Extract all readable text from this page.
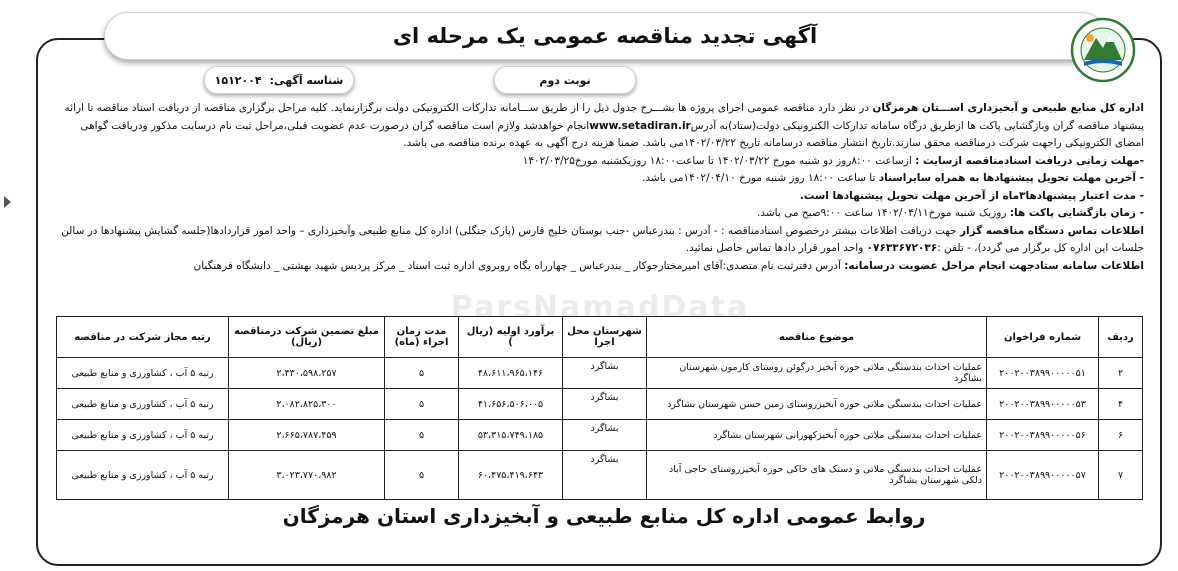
آگهی تجدید مناقصه عمومی یک مرحله ای
نوبت دوم
شناسه آگهی:
۱۵۱۲۰۰۴

اداره کل منابع طبیعی و آبخیزداری اســـتان هرمزگان در نظر دارد مناقصه عمومی اجرای پروژه ها بشـــرح جدول ذیل را از طریق ســـامانه تدارکات الکترونیکی دولت برگزارنماید. کلیه مراحل برگزاری مناقصه از دریافت اسناد مناقصه تا ارائه پیشنهاد مناقصه گران وبازگشایی پاکت ها ازطریق درگاه سامانه تدارکات الکترونیکی دولت(ستاد)به آدرسwww.setadiran.irانجام خواهدشد ولازم است مناقصه گران درصورت عدم عضویت قبلی،مراحل ثبت نام درسایت مذکور ودریافت گواهی امضای الکترونیکی راجهت شرکت درمناقصه محقق سازند.تاریخ انتشار مناقصه درسامانه تاریخ ۱۴۰۲/۰۳/۲۲می باشد. ضمنا هزینه درج آگهی به عهده برنده مناقصه می باشد.

-مهلت زمانی دریافت اسنادمناقصه ازسایت : ازساعت ۸:۰۰روز دو شنبه مورخ ۱۴۰۲/۰۳/۲۲ تا ساعت۱۸:۰۰ روزیکشنبه مورخ۱۴۰۲/۰۳/۲۵

- آخرین مهلت تحویل پیشنهادها به همراه سایراسناد تا ساعت ۱۸:۰۰ روز شنبه مورخ ۱۴۰۲/۰۴/۱۰می باشد.

- مدت اعتبار پیشنهادها۳ماه از آخرین مهلت تحویل پیشنهادها است.

- زمان بازگشایی پاکت ها: روزیک شنبه مورخ۱۴۰۲/۰۴/۱۱ ساعت ۹:۰۰صبح می باشد.

اطلاعات تماس دستگاه مناقصه گزار جهت دریافت اطلاعات بیشتر درخصوص اسنادمناقصه : - آدرس : بندرعباس -جنب بوستان خلیج فارس (پارک جنگلی) اداره کل منابع طبیعی وآبخیزداری – واحد امور قراردادها(جلسه گشایش پیشنهادها در سالن جلسات این اداره کل برگزار می گردد)، - تلفن :۰۷۶۳۳۶۷۲۰۳۶ واحد امور قرار دادها تماس حاصل نمائید.

اطلاعات سامانه ستادجهت انجام مراحل عضویت درسامانه: آدرس دفترثبت نام متصدی:آقای امیرمختارجوکار _ بندرعباس _ چهارراه یگاه روبروی اداره ثبت اسناد _ مرکز پردیس شهید بهشتی _ دانشگاه فرهنگیان

ParsNamadData
ردیف	شماره فراخوان	موضوع مناقصه	شهرستان محل اجرا	برآورد اولیه (ریال )	مدت زمان اجراء (ماه)	مبلغ تضمین شرکت درمناقصه (ریال)	رتبه مجاز شرکت در مناقصه
۲	۲۰۰۲۰۰۳۸۹۹۰۰۰۰۰۵۱	عملیات احداث بندسنگی ملاتی حوزه آبخیز درگوئن روستای کارمون شهرستان بشاگرد	بشاگرد	۴۸،۶۱۱،۹۶۵،۱۴۶	۵	۲،۴۳۰،۵۹۸،۲۵۷	رتبه ۵ آب ، کشاورزی و منابع طبیعی
۴	۲۰۰۲۰۰۳۸۹۹۰۰۰۰۰۵۳	عملیات احداث بندسنگی ملاتی حوزه آبخیزروستای زمین حسن شهرستان بشاگرد	بشاگرد	۴۱،۶۵۶،۵۰۶،۰۰۵	۵	۲،۰۸۲،۸۲۵،۳۰۰	رتبه ۵ آب ، کشاورزی و منابع طبیعی
۶	۲۰۰۲۰۰۳۸۹۹۰۰۰۰۰۵۶	عملیات احداث بندسنگی ملاتی حوزه آبخیزکهورانی شهرستان بشاگرد	بشاگرد	۵۳،۳۱۵،۷۴۹،۱۸۵	۵	۲،۶۶۵،۷۸۷،۴۵۹	رتبه ۵ آب ، کشاورزی و منابع طبیعی
۷	۲۰۰۲۰۰۳۸۹۹۰۰۰۰۰۵۷	عملیات احداث بندسنگی ملاتی و دستک های خاکی حوزه آبخیزروستای حاجی آباد دلکی شهرستان بشاگرد	بشاگرد	۶۰،۴۷۵،۴۱۹،۶۴۳	۵	۳،۰۲۳،۷۷۰،۹۸۲	رتبه ۵ آب ، کشاورزی و منابع طبیعی
روابط عمومی اداره کل منابع طبیعی و آبخیزداری استان هرمزگان
